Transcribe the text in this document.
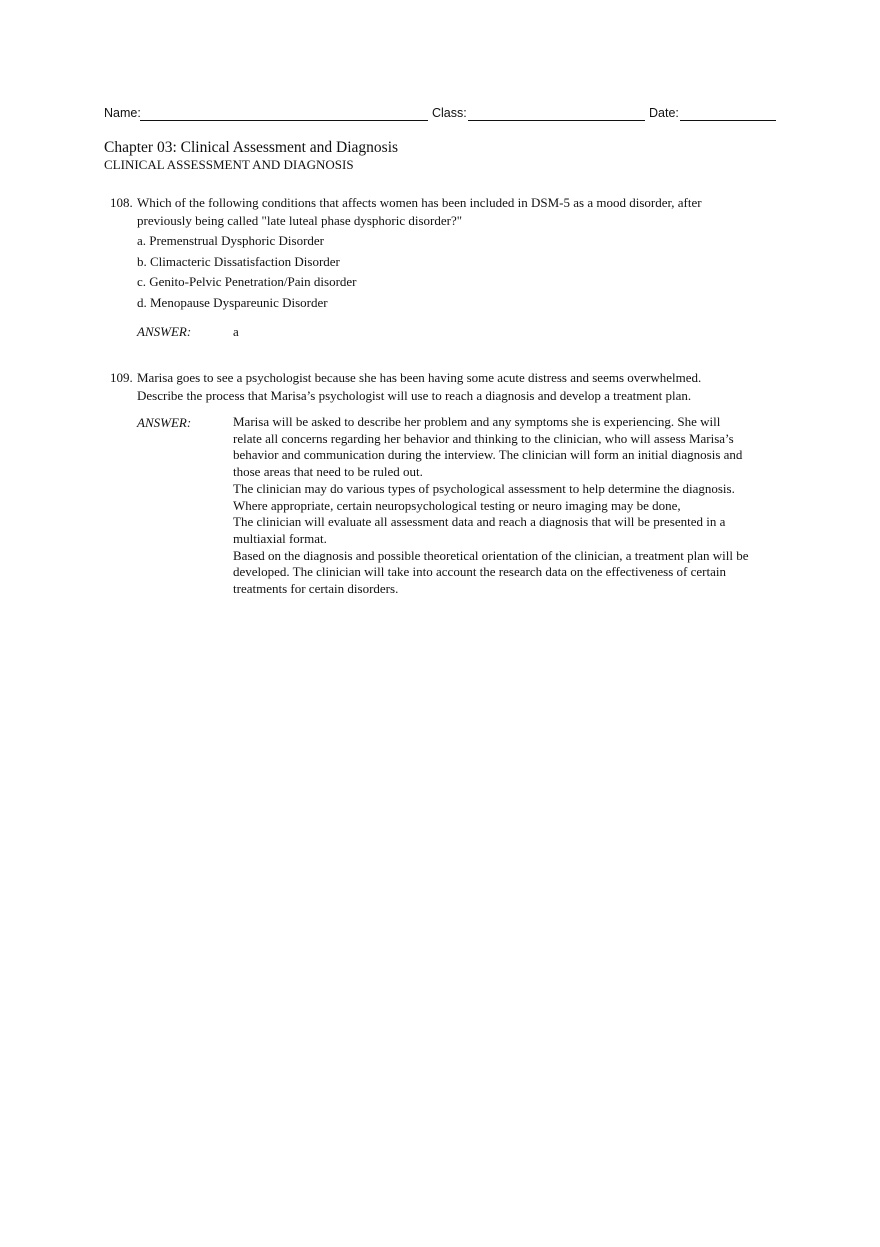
Name:	Class:	Date:
Chapter 03: Clinical Assessment and Diagnosis
CLINICAL ASSESSMENT AND DIAGNOSIS
108. Which of the following conditions that affects women has been included in DSM-5 as a mood disorder, after
previously being called "late luteal phase dysphoric disorder?"
a. Premenstrual Dysphoric Disorder
b. Climacteric Dissatisfaction Disorder
c. Genito-Pelvic Penetration/Pain disorder
d. Menopause Dyspareunic Disorder
ANSWER:	a
109. Marisa goes to see a psychologist because she has been having some acute distress and seems overwhelmed.
Describe the process that Marisa’s psychologist will use to reach a diagnosis and develop a treatment plan.
ANSWER:	Marisa will be asked to describe her problem and any symptoms she is experiencing. She will
relate all concerns regarding her behavior and thinking to the clinician, who will assess Marisa’s
behavior and communication during the interview. The clinician will form an initial diagnosis and
those areas that need to be ruled out.
The clinician may do various types of psychological assessment to help determine the diagnosis.
Where appropriate, certain neuropsychological testing or neuro imaging may be done,
The clinician will evaluate all assessment data and reach a diagnosis that will be presented in a
multiaxial format.
Based on the diagnosis and possible theoretical orientation of the clinician, a treatment plan will be
developed. The clinician will take into account the research data on the effectiveness of certain
treatments for certain disorders.
